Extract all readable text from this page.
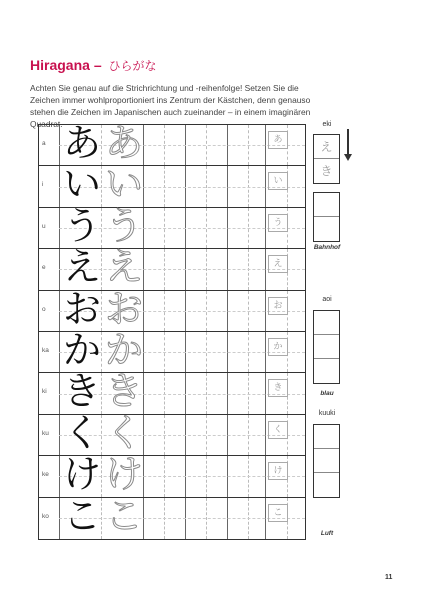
Hiragana – ひらがな
Achten Sie genau auf die Strichrichtung und -reihenfolge! Setzen Sie die Zeichen immer wohlproportioniert ins Zentrum der Kästchen, denn genauso stehen die Zeichen im Japanischen auch zueinander – in einem imaginären Quadrat.
a あ あ	あ
i い い	い
u う う	う
e え え	え
o お お	お
ka か か	か
ki き き	き
ku く く	く
ke け け	け
ko こ こ	こ
eki
え
き
Bahnhof
aoi
blau
kuuki
Luft
11
